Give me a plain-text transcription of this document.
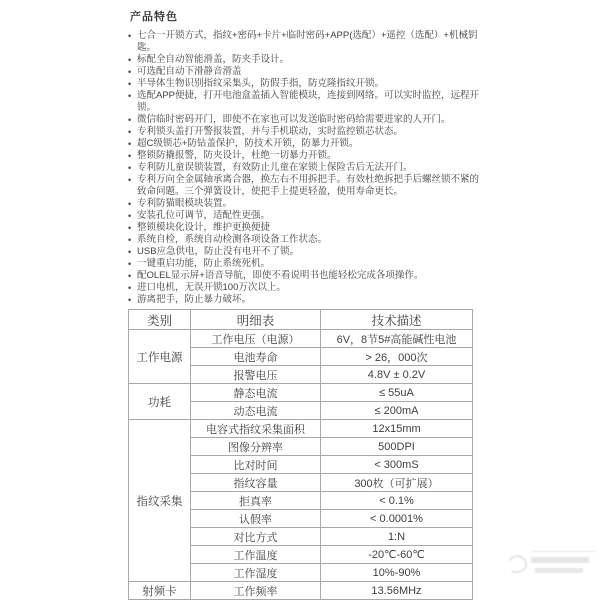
产品特色
• 七合一开锁方式，指纹+密码+卡片+临时密码+APP(选配）+遥控（选配）+机械钥匙。
• 标配全自动智能滑盖，防夹手设计。
• 可选配自动下滑静音滑盖
• 半导体生物识别指纹采集头，防假手指，防克隆指纹开锁。
• 选配APP便捷，打开电池盒盖插入智能模块，连接到网络。可以实时监控，远程开锁。
• 微信临时密码开门，即使不在家也可以发送临时密码给需要进家的人开门。
• 专利锁头盖打开警报装置，并与手机联动，实时监控锁芯状态。
• 超C级锁芯+防钻盖保护，防技术开锁，防暴力开锁。
• 整锁防撬报警，防夹设计，杜绝一切暴力开锁。
• 专利防儿童误锁装置，有效防止儿童在家锁上保险舌后无法开门。
• 专利万向全金属轴承离合器，换左右不用拆把手。有效杜绝拆把手后螺丝锁不紧的致命问题。三个弹簧设计，使把手上提更轻盈，使用寿命更长。
• 专利防猫眼模块装置。
• 安装孔位可调节，适配性更强。
• 整锁模块化设计，维护更换便捷
• 系统自检，系统自动检测各项设备工作状态。
• USB应急供电，防止没有电开不了锁。
• 一键重启功能，防止系统死机。
• 配OLEL显示屏+语音导航，即使不看说明书也能轻松完成各项操作。
• 进口电机，无误开锁100万次以上。
• 游离把手，防止暴力破坏。
类别	明细表	技术描述
工作电源	工作电压（电源）	6V，8节5#高能碱性电池
	电池寿命	> 26，000次
	报警电压	4.8V ± 0.2V
功耗	静态电流	≤ 55uA
	动态电流	≤ 200mA
指纹采集	电容式指纹采集面积	12x15mm
	图像分辨率	500DPI
	比对时间	< 300mS
	指纹容量	300枚（可扩展）
	拒真率	< 0.1%
	认假率	< 0.0001%
	对比方式	1:N
	工作温度	-20℃-60℃
	工作湿度	10%-90%
射频卡	工作频率	13.56MHz
